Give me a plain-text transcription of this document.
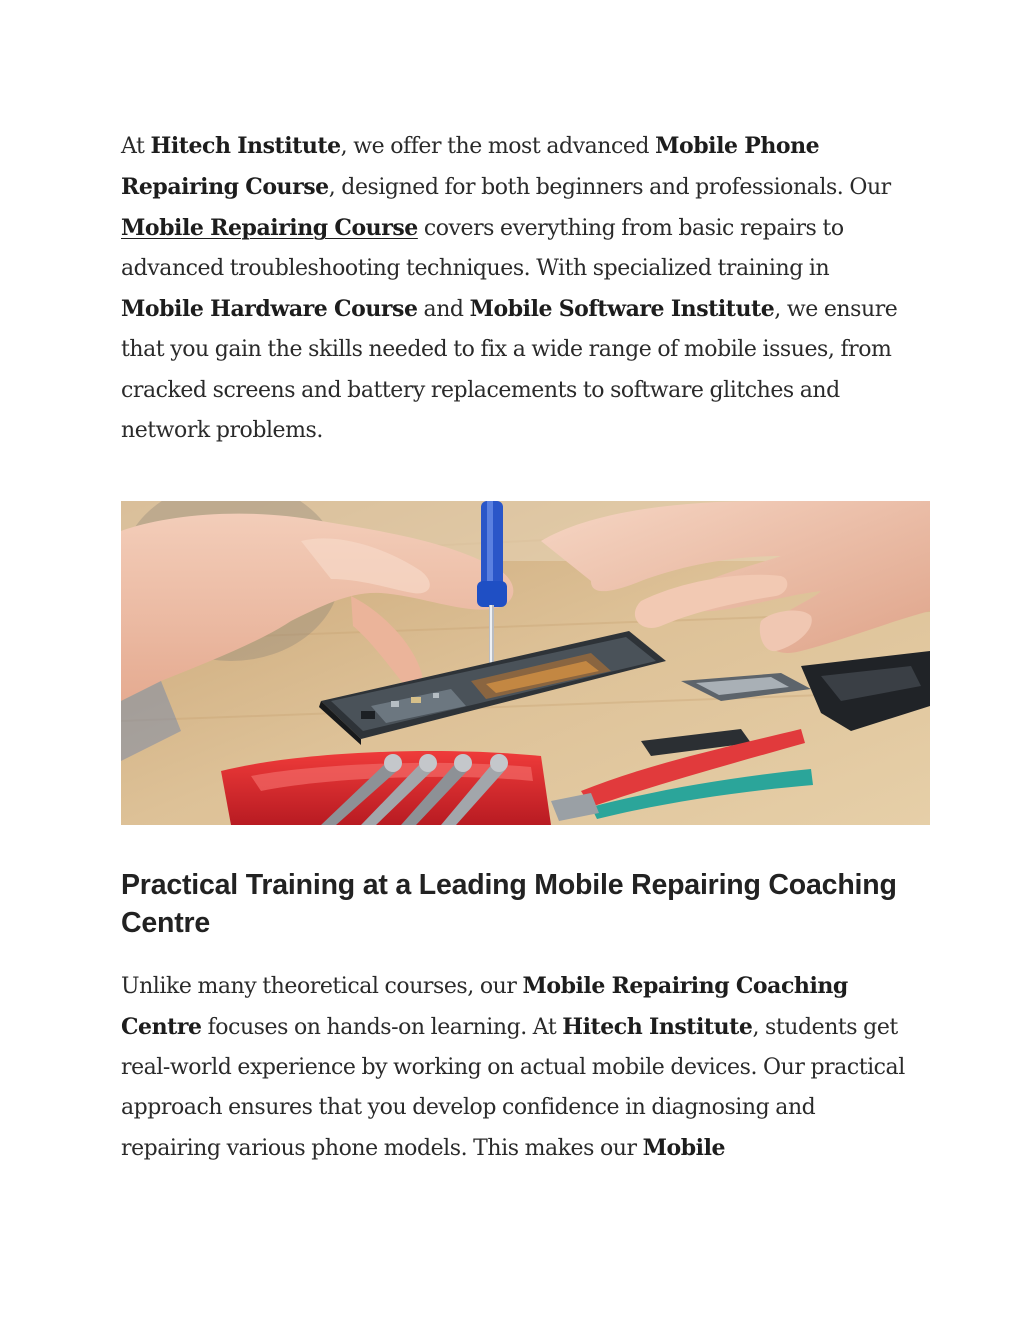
At Hitech Institute, we offer the most advanced Mobile Phone Repairing Course, designed for both beginners and professionals. Our Mobile Repairing Course covers everything from basic repairs to advanced troubleshooting techniques. With specialized training in Mobile Hardware Course and Mobile Software Institute, we ensure that you gain the skills needed to fix a wide range of mobile issues, from cracked screens and battery replacements to software glitches and network problems.

Practical Training at a Leading Mobile Repairing Coaching Centre

Unlike many theoretical courses, our Mobile Repairing Coaching Centre focuses on hands-on learning. At Hitech Institute, students get real-world experience by working on actual mobile devices. Our practical approach ensures that you develop confidence in diagnosing and repairing various phone models. This makes our Mobile
